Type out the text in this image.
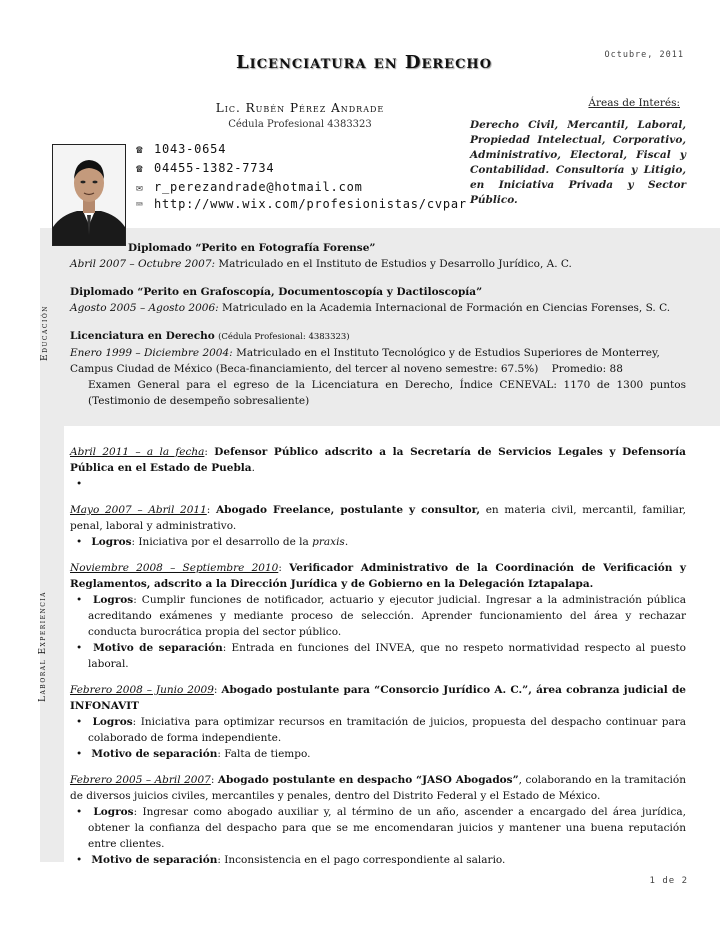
Octubre, 2011
Licenciatura en Derecho
Lic. Rubén Pérez Andrade
Cédula Profesional 4383323
☎ 1043-0654
☎ 04455-1382-7734
✉ r_perezandrade@hotmail.com
⌨ http://www.wix.com/profesionistas/cvpar
Áreas de Interés:
Derecho Civil, Mercantil, Laboral, Propiedad Intelectual, Corporativo, Administrativo, Electoral, Fiscal y Contabilidad. Consultoría y Litigio, en Iniciativa Privada y Sector Público.
Educación
Diplomado “Perito en Fotografía Forense”
Abril 2007 – Octubre 2007: Matriculado en el Instituto de Estudios y Desarrollo Jurídico, A. C.
Diplomado “Perito en Grafoscopía, Documentoscopía y Dactiloscopía”
Agosto 2005 – Agosto 2006: Matriculado en la Academia Internacional de Formación en Ciencias Forenses, S. C.
Licenciatura en Derecho (Cédula Profesional: 4383323)
Enero 1999 – Diciembre 2004: Matriculado en el Instituto Tecnológico y de Estudios Superiores de Monterrey, Campus Ciudad de México (Beca-financiamiento, del tercer al noveno semestre: 67.5%) Promedio: 88
Examen General para el egreso de la Licenciatura en Derecho, Índice CENEVAL: 1170 de 1300 puntos (Testimonio de desempeño sobresaliente)
Laboral Experiencia
Abril 2011 – a la fecha: Defensor Público adscrito a la Secretaría de Servicios Legales y Defensoría Pública en el Estado de Puebla.
•
Mayo 2007 – Abril 2011: Abogado Freelance, postulante y consultor, en materia civil, mercantil, familiar, penal, laboral y administrativo.
• Logros: Iniciativa por el desarrollo de la praxis.
Noviembre 2008 – Septiembre 2010: Verificador Administrativo de la Coordinación de Verificación y Reglamentos, adscrito a la Dirección Jurídica y de Gobierno en la Delegación Iztapalapa.
• Logros: Cumplir funciones de notificador, actuario y ejecutor judicial. Ingresar a la administración pública acreditando exámenes y mediante proceso de selección. Aprender funcionamiento del área y rechazar conducta burocrática propia del sector público.
• Motivo de separación: Entrada en funciones del INVEA, que no respeto normatividad respecto al puesto laboral.
Febrero 2008 – Junio 2009: Abogado postulante para “Consorcio Jurídico A. C.”, área cobranza judicial de INFONAVIT
• Logros: Iniciativa para optimizar recursos en tramitación de juicios, propuesta del despacho continuar para colaborado de forma independiente.
• Motivo de separación: Falta de tiempo.
Febrero 2005 – Abril 2007: Abogado postulante en despacho “JASO Abogados”, colaborando en la tramitación de diversos juicios civiles, mercantiles y penales, dentro del Distrito Federal y el Estado de México.
• Logros: Ingresar como abogado auxiliar y, al término de un año, ascender a encargado del área jurídica, obtener la confianza del despacho para que se me encomendaran juicios y mantener una buena reputación entre clientes.
• Motivo de separación: Inconsistencia en el pago correspondiente al salario.
1 de 2
